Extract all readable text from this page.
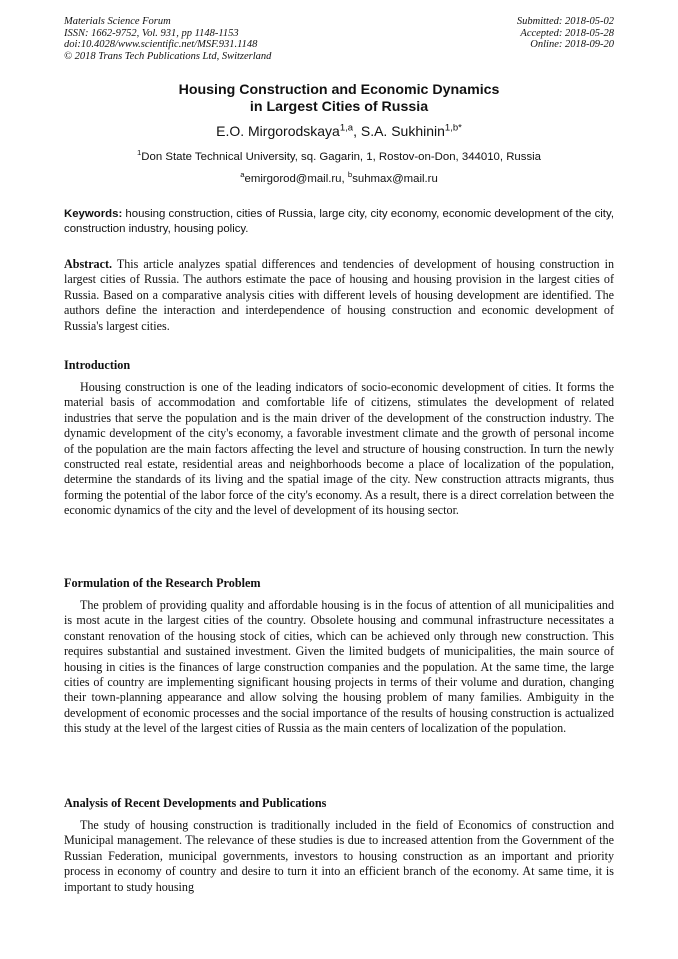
Materials Science Forum
ISSN: 1662-9752, Vol. 931, pp 1148-1153
doi:10.4028/www.scientific.net/MSF.931.1148
© 2018 Trans Tech Publications Ltd, Switzerland
Submitted: 2018-05-02
Accepted: 2018-05-28
Online: 2018-09-20
Housing Construction and Economic Dynamics
in Largest Cities of Russia
E.O. Mirgorodskaya$^{1,a}$, S.A. Sukhinin$^{1,b*}$
$^1$Don State Technical University, sq. Gagarin, 1, Rostov-on-Don, 344010, Russia
$^a$emirgorod@mail.ru, $^b$suhmax@mail.ru
Keywords: housing construction, cities of Russia, large city, city economy, economic development of the city, construction industry, housing policy.
Abstract. This article analyzes spatial differences and tendencies of development of housing construction in largest cities of Russia. The authors estimate the pace of housing and housing provision in the largest cities of Russia. Based on a comparative analysis cities with different levels of housing development are identified. The authors define the interaction and interdependence of housing construction and economic development of Russia's largest cities.
Introduction

Housing construction is one of the leading indicators of socio-economic development of cities. It forms the material basis of accommodation and comfortable life of citizens, stimulates the development of related industries that serve the population and is the main driver of the development of the construction industry. The dynamic development of the city's economy, a favorable investment climate and the growth of personal income of the population are the main factors affecting the level and structure of housing construction. In turn the newly constructed real estate, residential areas and neighborhoods become a place of localization of the population, determine the standards of its living and the spatial image of the city. New construction attracts migrants, thus forming the potential of the labor force of the city's economy. As a result, there is a direct correlation between the economic dynamics of the city and the level of development of its housing sector.

Formulation of the Research Problem

The problem of providing quality and affordable housing is in the focus of attention of all municipalities and is most acute in the largest cities of the country. Obsolete housing and communal infrastructure necessitates a constant renovation of the housing stock of cities, which can be achieved only through new construction. This requires substantial and sustained investment. Given the limited budgets of municipalities, the main source of housing in cities is the finances of large construction companies and the population. At the same time, the large cities of country are implementing significant housing projects in terms of their volume and duration, changing their town-planning appearance and allow solving the housing problem of many families. Ambiguity in the development of economic processes and the social importance of the results of housing construction is actualized this study at the level of the largest cities of Russia as the main centers of localization of the population.

Analysis of Recent Developments and Publications

The study of housing construction is traditionally included in the field of Economics of construction and Municipal management. The relevance of these studies is due to increased attention from the Government of the Russian Federation, municipal governments, investors to housing construction as an important and priority process in economy of country and desire to turn it into an efficient branch of the economy. At same time, it is important to study housing
